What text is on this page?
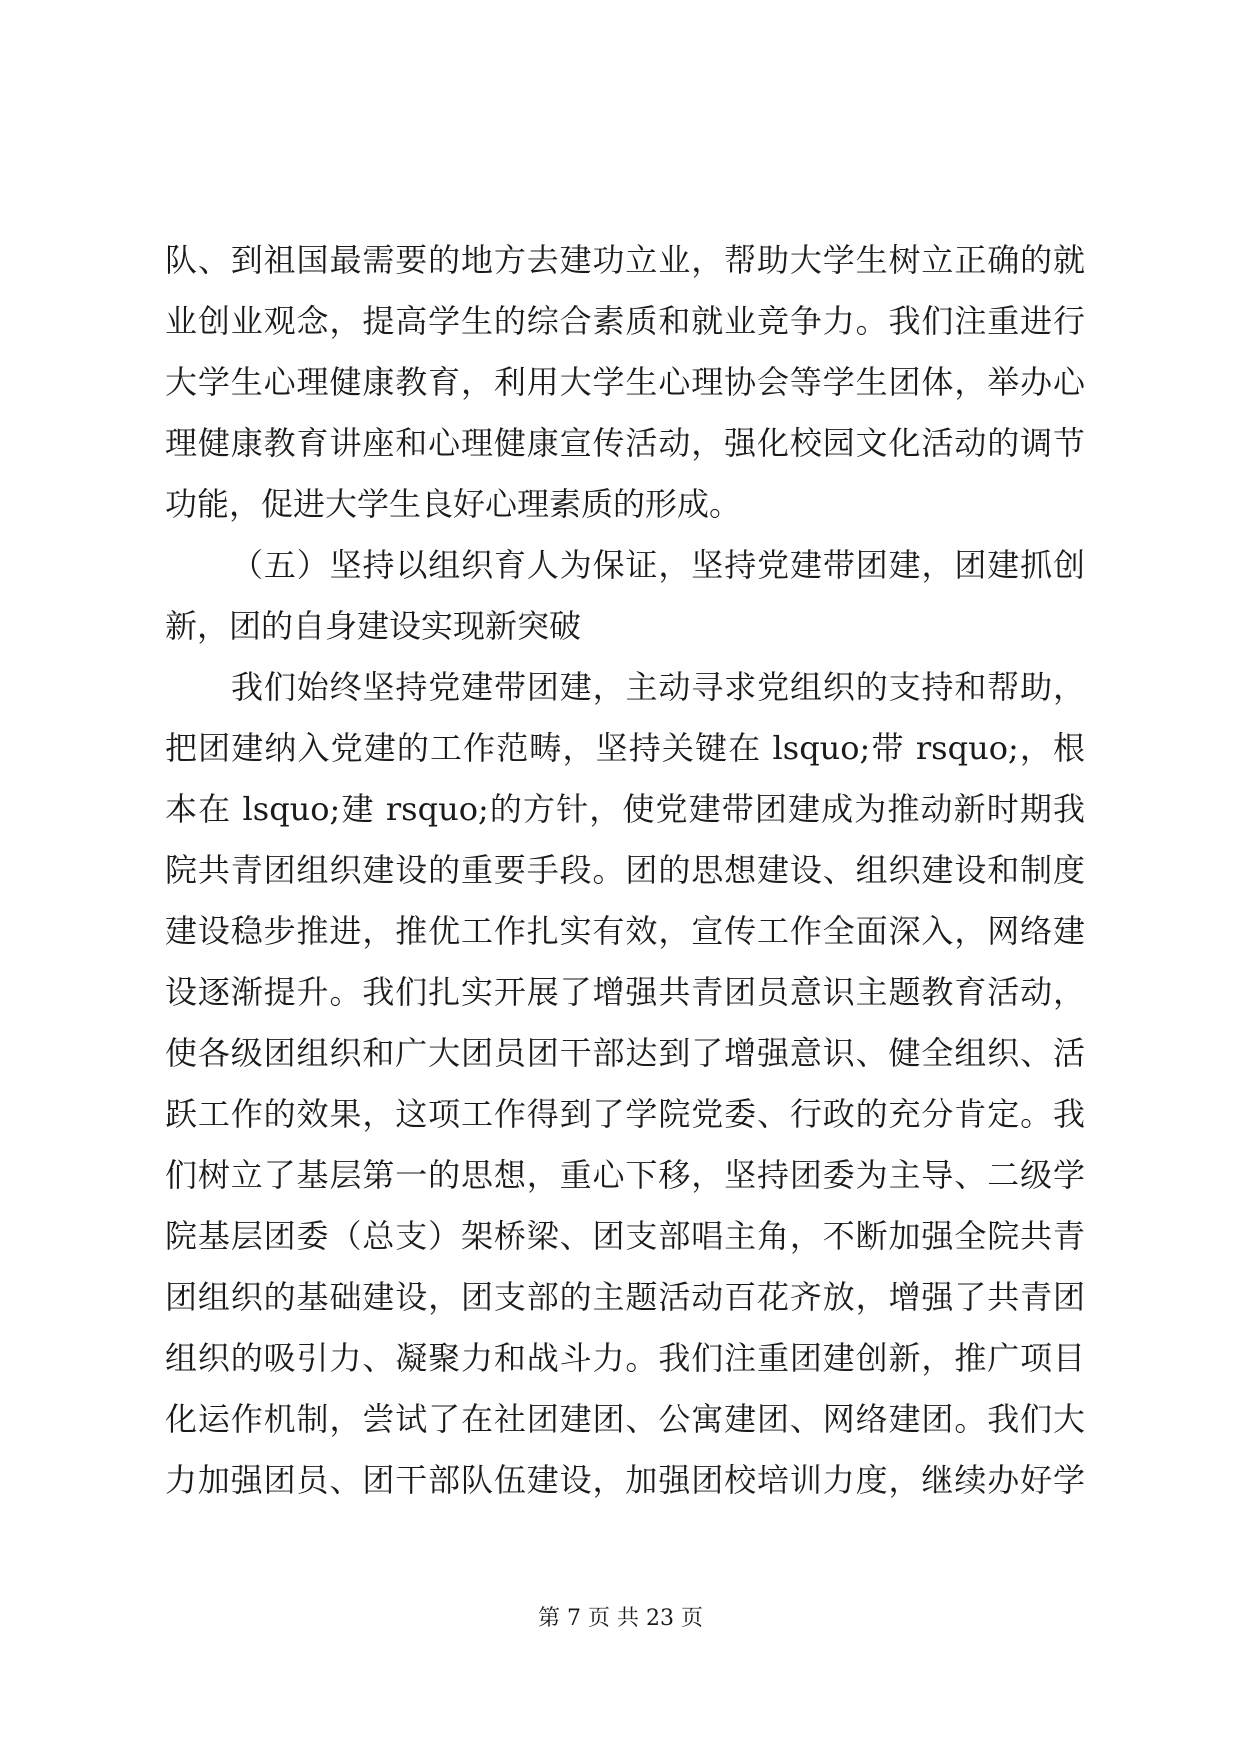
队、到祖国最需要的地方去建功立业，帮助大学生树立正确的就
业创业观念，提高学生的综合素质和就业竞争力。我们注重进行
大学生心理健康教育，利用大学生心理协会等学生团体，举办心
理健康教育讲座和心理健康宣传活动，强化校园文化活动的调节
功能，促进大学生良好心理素质的形成。
（五）坚持以组织育人为保证，坚持党建带团建，团建抓创
新，团的自身建设实现新突破
我们始终坚持党建带团建，主动寻求党组织的支持和帮助，
把团建纳入党建的工作范畴，坚持关键在 lsquo;带 rsquo;，根
本在 lsquo;建 rsquo;的方针，使党建带团建成为推动新时期我
院共青团组织建设的重要手段。团的思想建设、组织建设和制度
建设稳步推进，推优工作扎实有效，宣传工作全面深入，网络建
设逐渐提升。我们扎实开展了增强共青团员意识主题教育活动，
使各级团组织和广大团员团干部达到了增强意识、健全组织、活
跃工作的效果，这项工作得到了学院党委、行政的充分肯定。我
们树立了基层第一的思想，重心下移，坚持团委为主导、二级学
院基层团委（总支）架桥梁、团支部唱主角，不断加强全院共青
团组织的基础建设，团支部的主题活动百花齐放，增强了共青团
组织的吸引力、凝聚力和战斗力。我们注重团建创新，推广项目
化运作机制，尝试了在社团建团、公寓建团、网络建团。我们大
力加强团员、团干部队伍建设，加强团校培训力度，继续办好学
第 7 页 共 23 页
